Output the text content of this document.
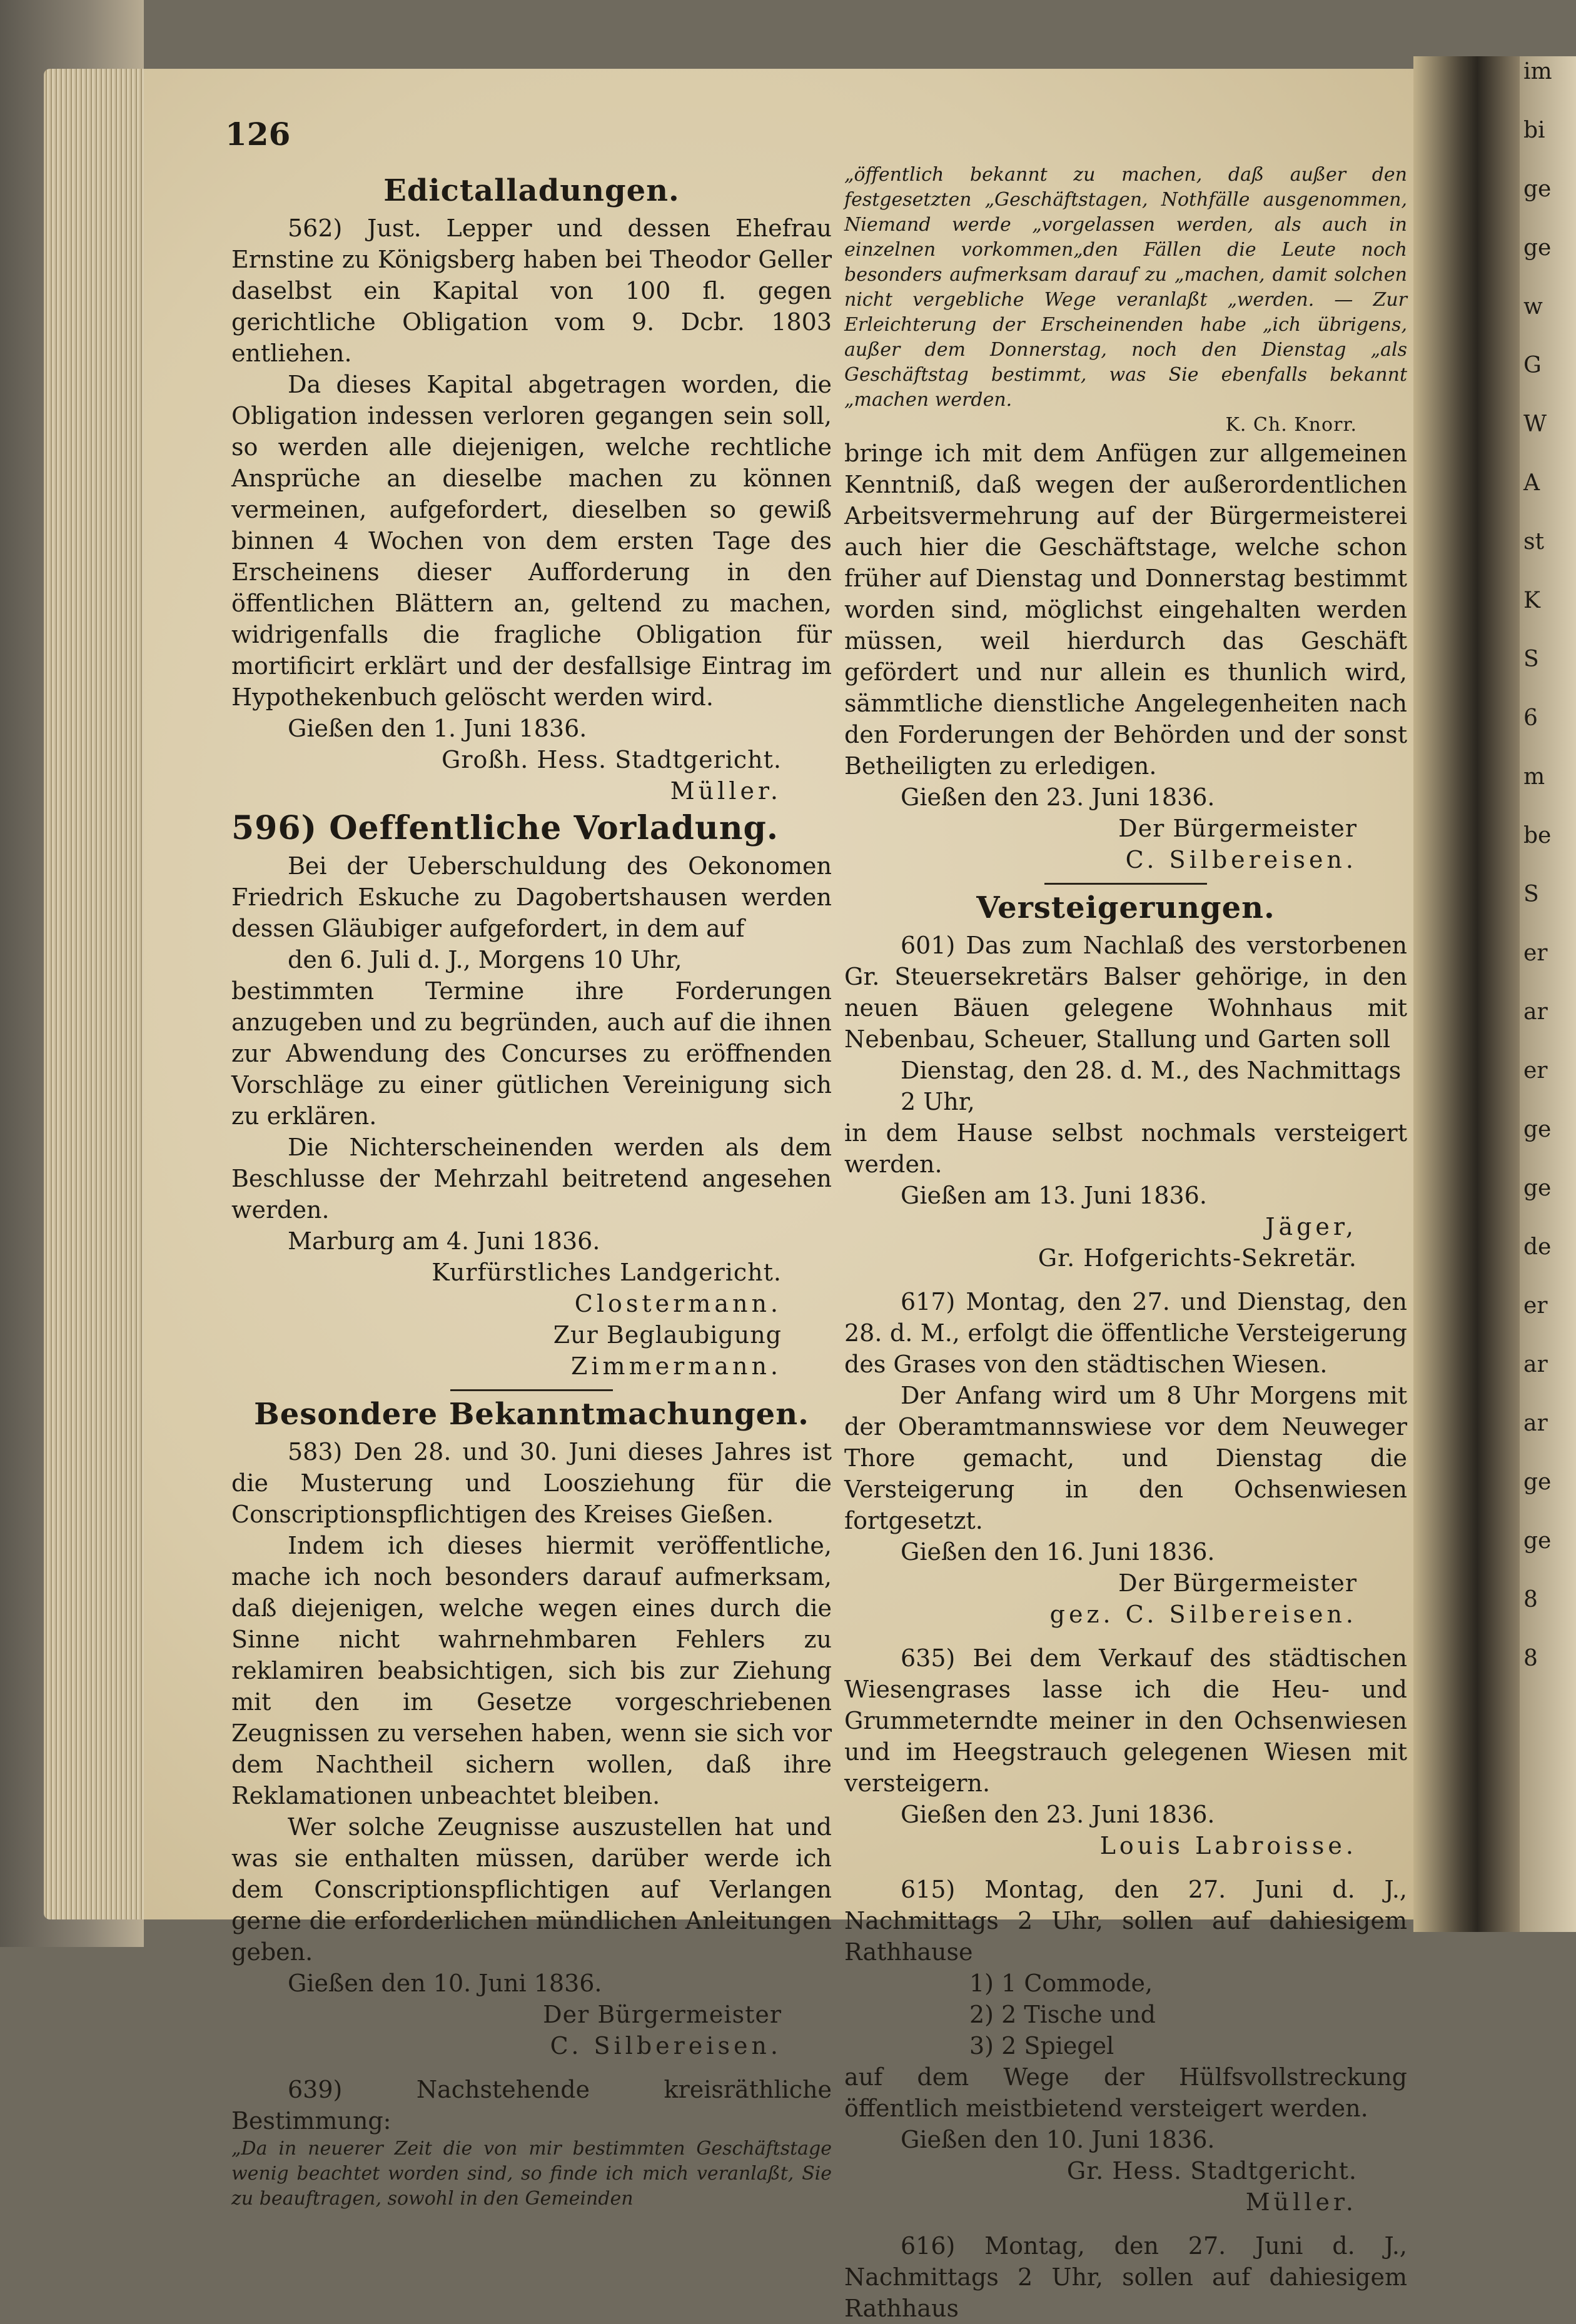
im
bi
ge
ge
w
G
W
A
st
K
S
6
m
be
S
er
ar
er
ge
ge
de
er
ar
ar
ge
ge
8
8
126
Edictalladungen.

562) Just. Lepper und dessen Ehefrau Ernstine zu Königsberg haben bei Theodor Geller daselbst ein Kapital von 100 fl. gegen gerichtliche Obligation vom 9. Dcbr. 1803 entliehen.

Da dieses Kapital abgetragen worden, die Obligation indessen verloren gegangen sein soll, so werden alle diejenigen, welche rechtliche Ansprüche an dieselbe machen zu können vermeinen, aufgefordert, dieselben so gewiß binnen 4 Wochen von dem ersten Tage des Erscheinens dieser Aufforderung in den öffentlichen Blättern an, geltend zu machen, widrigenfalls die fragliche Obligation für mortificirt erklärt und der desfallsige Eintrag im Hypothekenbuch gelöscht werden wird.

Gießen den 1. Juni 1836.

Großh. Hess. Stadtgericht.

Müller.

596) Oeffentliche Vorladung.

Bei der Ueberschuldung des Oekonomen Friedrich Eskuche zu Dagobertshausen werden dessen Gläubiger aufgefordert, in dem auf

den 6. Juli d. J., Morgens 10 Uhr,

bestimmten Termine ihre Forderungen anzugeben und zu begründen, auch auf die ihnen zur Abwendung des Concurses zu eröffnenden Vorschläge zu einer gütlichen Vereinigung sich zu erklären.

Die Nichterscheinenden werden als dem Beschlusse der Mehrzahl beitretend angesehen werden.

Marburg am 4. Juni 1836.

Kurfürstliches Landgericht.

Clostermann.

Zur Beglaubigung

Zimmermann.

Besondere Bekanntmachungen.

583) Den 28. und 30. Juni dieses Jahres ist die Musterung und Loosziehung für die Conscriptionspflichtigen des Kreises Gießen.

Indem ich dieses hiermit veröffentliche, mache ich noch besonders darauf aufmerksam, daß diejenigen, welche wegen eines durch die Sinne nicht wahrnehmbaren Fehlers zu reklamiren beabsichtigen, sich bis zur Ziehung mit den im Gesetze vorgeschriebenen Zeugnissen zu versehen haben, wenn sie sich vor dem Nachtheil sichern wollen, daß ihre Reklamationen unbeachtet bleiben.

Wer solche Zeugnisse auszustellen hat und was sie enthalten müssen, darüber werde ich dem Conscriptionspflichtigen auf Verlangen gerne die erforderlichen mündlichen Anleitungen geben.

Gießen den 10. Juni 1836.

Der Bürgermeister

C. Silbereisen.

639) Nachstehende kreisräthliche Bestimmung:

„Da in neuerer Zeit die von mir bestimmten Geschäftstage wenig beachtet worden sind, so finde ich mich veranlaßt, Sie zu beauftragen, sowohl in den Gemeinden

„öffentlich bekannt zu machen, daß außer den festgesetzten „Geschäftstagen, Nothfälle ausgenommen, Niemand werde „vorgelassen werden, als auch in einzelnen vorkommen„den Fällen die Leute noch besonders aufmerksam darauf zu „machen, damit solchen nicht vergebliche Wege veranlaßt „werden. — Zur Erleichterung der Erscheinenden habe „ich übrigens, außer dem Donnerstag, noch den Dienstag „als Geschäftstag bestimmt, was Sie ebenfalls bekannt „machen werden.

K. Ch. Knorr.

bringe ich mit dem Anfügen zur allgemeinen Kenntniß, daß wegen der außerordentlichen Arbeitsvermehrung auf der Bürgermeisterei auch hier die Geschäftstage, welche schon früher auf Dienstag und Donnerstag bestimmt worden sind, möglichst eingehalten werden müssen, weil hierdurch das Geschäft gefördert und nur allein es thunlich wird, sämmtliche dienstliche Angelegenheiten nach den Forderungen der Behörden und der sonst Betheiligten zu erledigen.

Gießen den 23. Juni 1836.

Der Bürgermeister

C. Silbereisen.

Versteigerungen.

601) Das zum Nachlaß des verstorbenen Gr. Steuersekretärs Balser gehörige, in den neuen Bäuen gelegene Wohnhaus mit Nebenbau, Scheuer, Stallung und Garten soll

Dienstag, den 28. d. M., des Nachmittags 2 Uhr,

in dem Hause selbst nochmals versteigert werden.

Gießen am 13. Juni 1836.

Jäger,

Gr. Hofgerichts-Sekretär.

617) Montag, den 27. und Dienstag, den 28. d. M., erfolgt die öffentliche Versteigerung des Grases von den städtischen Wiesen.

Der Anfang wird um 8 Uhr Morgens mit der Oberamtmannswiese vor dem Neuweger Thore gemacht, und Dienstag die Versteigerung in den Ochsenwiesen fortgesetzt.

Gießen den 16. Juni 1836.

Der Bürgermeister

gez. C. Silbereisen.

635) Bei dem Verkauf des städtischen Wiesengrases lasse ich die Heu- und Grummeterndte meiner in den Ochsenwiesen und im Heegstrauch gelegenen Wiesen mit versteigern.

Gießen den 23. Juni 1836.

Louis Labroisse.

615) Montag, den 27. Juni d. J., Nachmittags 2 Uhr, sollen auf dahiesigem Rathhause

1) 1 Commode,

2) 2 Tische und

3) 2 Spiegel

auf dem Wege der Hülfsvollstreckung öffentlich meistbietend versteigert werden.

Gießen den 10. Juni 1836.

Gr. Hess. Stadtgericht.

Müller.

616) Montag, den 27. Juni d. J., Nachmittags 2 Uhr, sollen auf dahiesigem Rathhaus
